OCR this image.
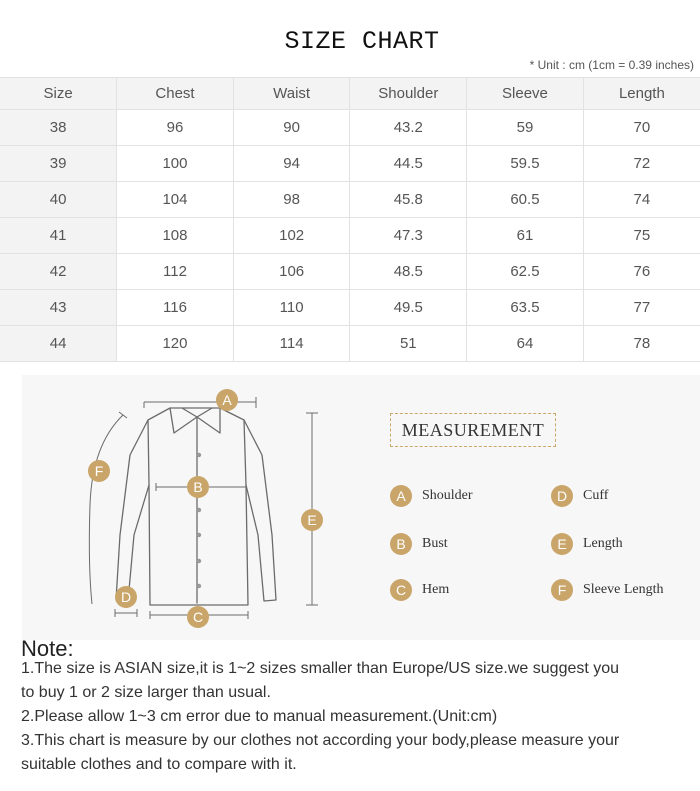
SIZE CHART
* Unit : cm (1cm = 0.39 inches)
Size	Chest	Waist	Shoulder	Sleeve	Length
38	96	90	43.2	59	70
39	100	94	44.5	59.5	72
40	104	98	45.8	60.5	74
41	108	102	47.3	61	75
42	112	106	48.5	62.5	76
43	116	110	49.5	63.5	77
44	120	114	51	64	78
A
B
C
D
E
F
MEASUREMENT
A	Shoulder
B	Bust
C	Hem
D	Cuff
E	Length
F	Sleeve Length
Note:
1.The size is ASIAN size,it is 1~2 sizes smaller than Europe/US size.we suggest you
to buy 1 or 2 size larger than usual.
2.Please allow 1~3 cm error due to manual measurement.(Unit:cm)
3.This chart is measure by our clothes not according your body,please measure your
suitable clothes and to compare with it.
